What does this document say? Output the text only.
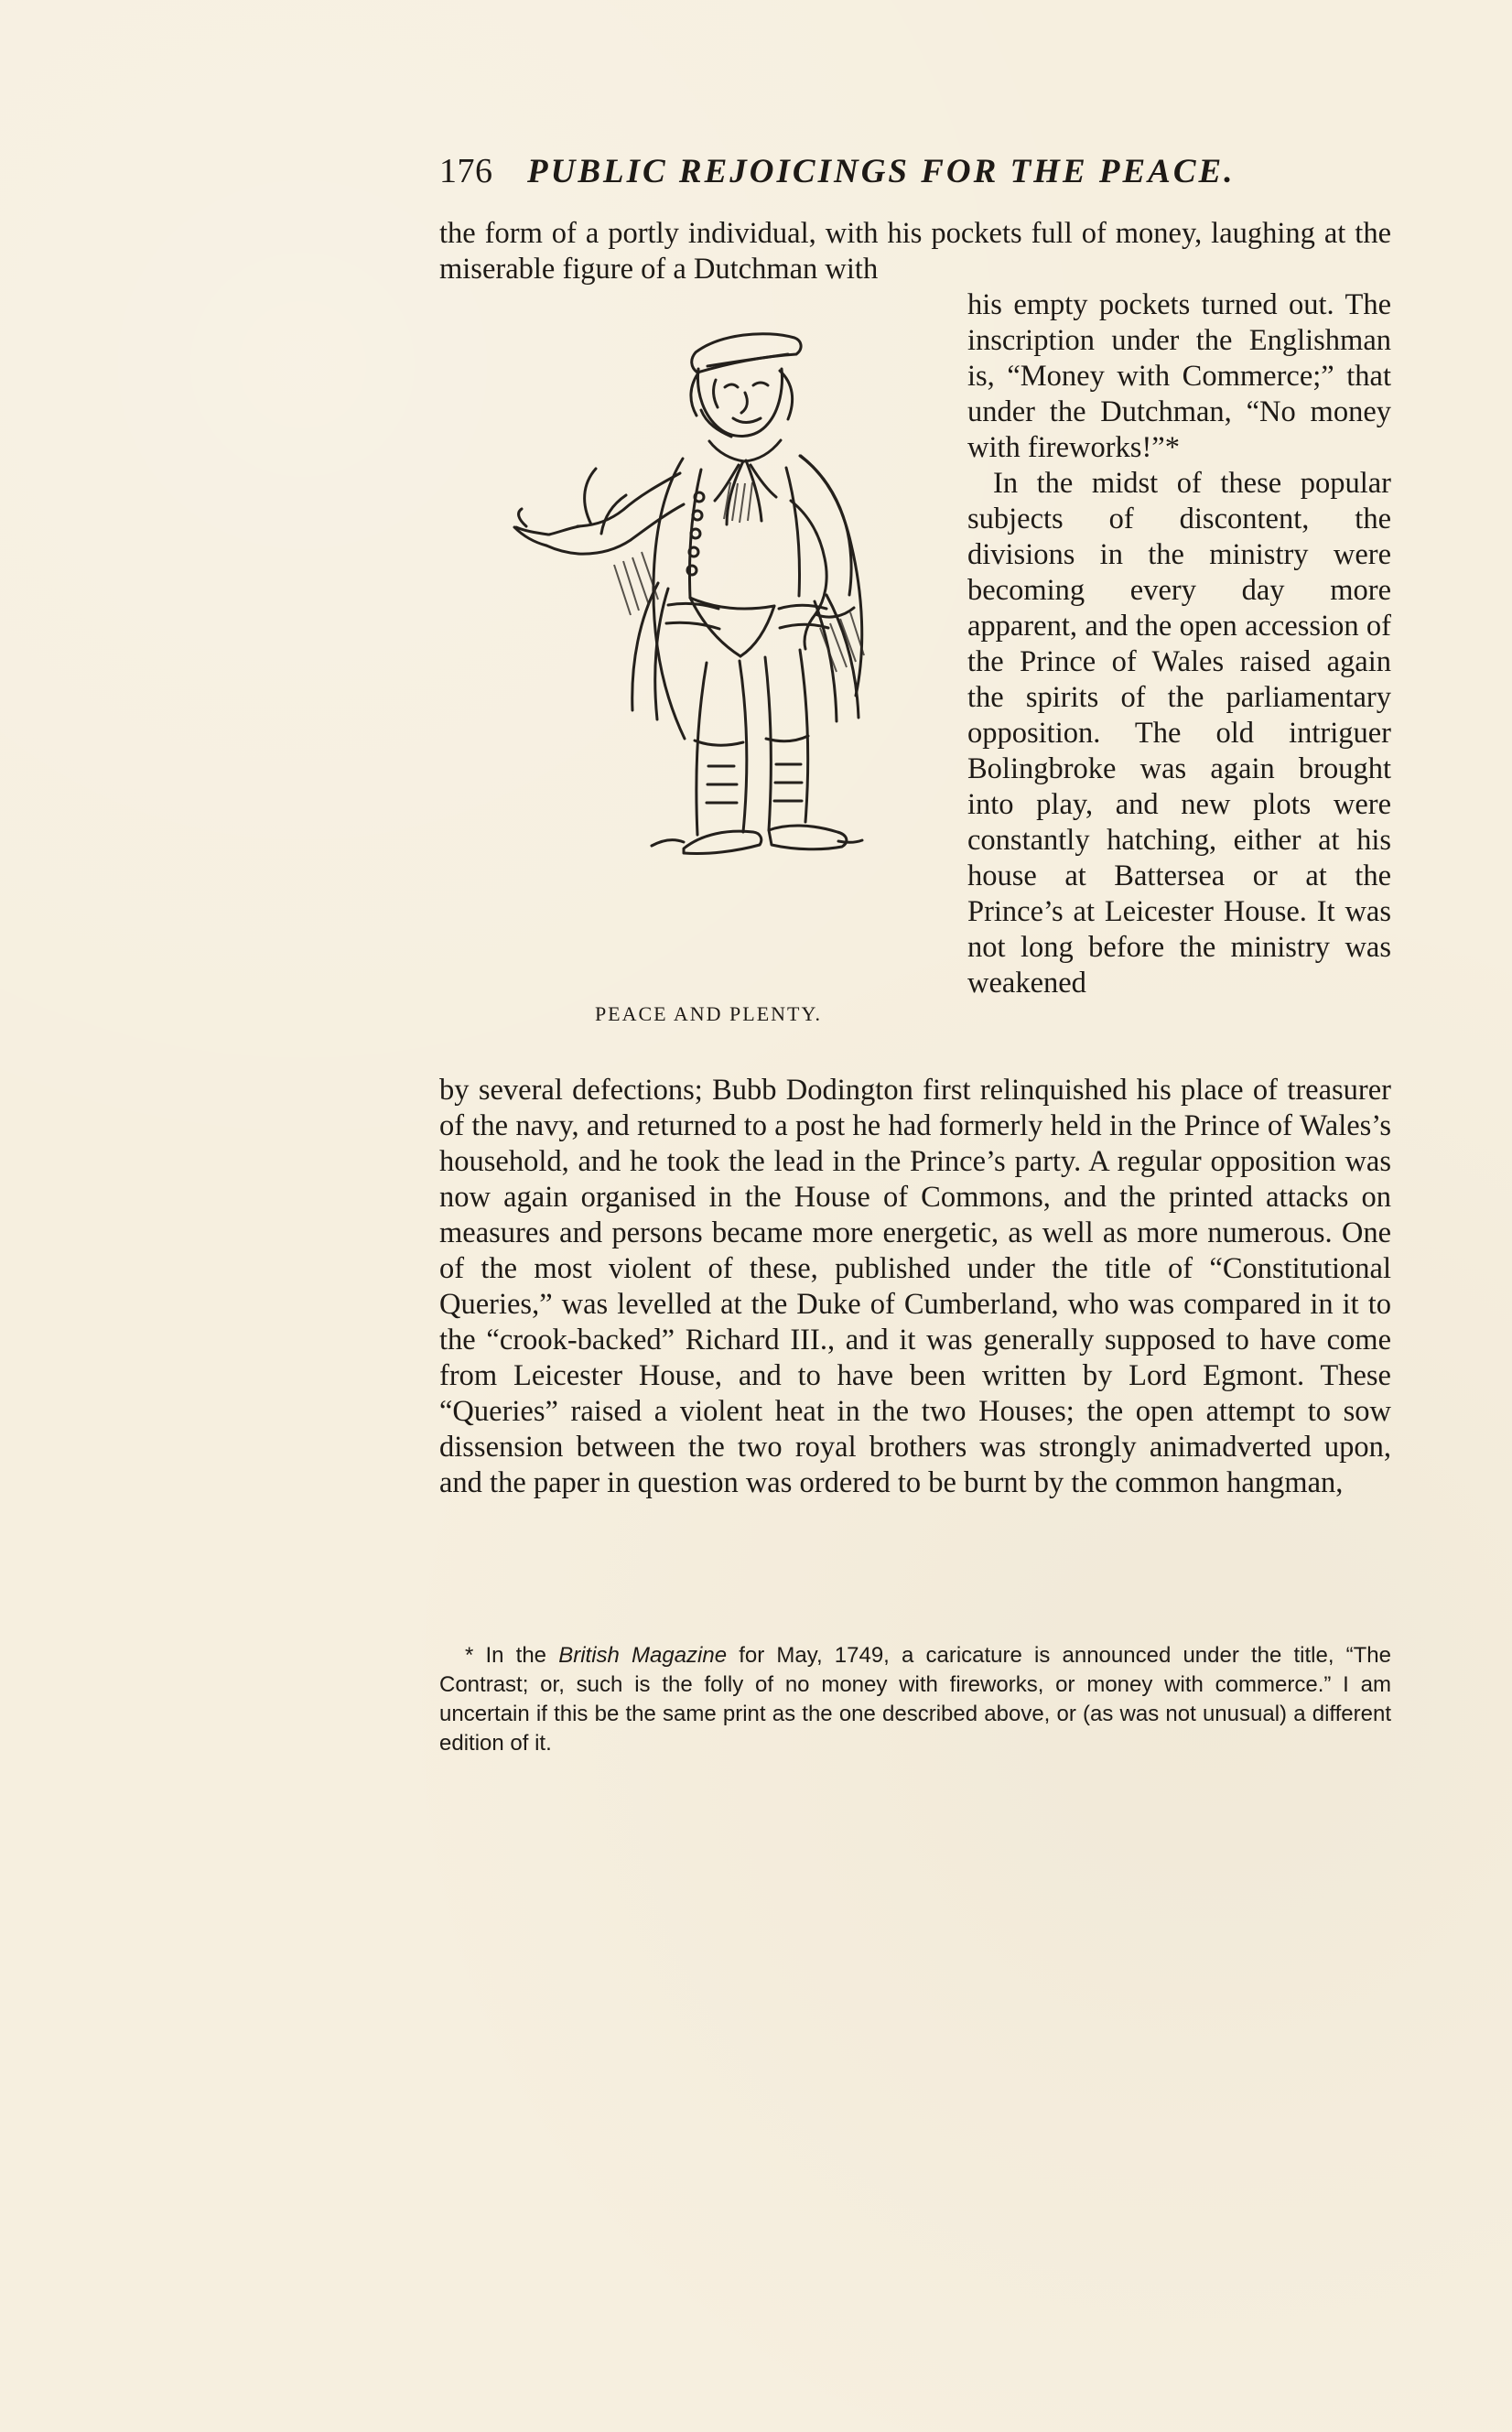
176 PUBLIC REJOICINGS FOR THE PEACE.
the form of a portly individual, with his pockets full of money, laughing at the miserable figure of a Dutchman with
PEACE AND PLENTY.

his empty pockets turned out. The inscription under the Englishman is, “Money with Commerce;” that under the Dutchman, “No money with fireworks!”*

In the midst of these popular subjects of discontent, the divisions in the ministry were becoming every day more apparent, and the open accession of the Prince of Wales raised again the spirits of the parliamentary opposition. The old intriguer Bolingbroke was again brought into play, and new plots were constantly hatching, either at his house at Battersea or at the Prince’s at Leicester House. It was not long before the ministry was weakened

by several defections; Bubb Dodington first relinquished his place of treasurer of the navy, and returned to a post he had formerly held in the Prince of Wales’s household, and he took the lead in the Prince’s party. A regular opposition was now again organised in the House of Commons, and the printed attacks on measures and persons became more energetic, as well as more numerous. One of the most violent of these, published under the title of “Constitutional Queries,” was levelled at the Duke of Cumberland, who was compared in it to the “crook-backed” Richard III., and it was generally supposed to have come from Leicester House, and to have been written by Lord Egmont. These “Queries” raised a violent heat in the two Houses; the open attempt to sow dissension between the two royal brothers was strongly animadverted upon, and the paper in question was ordered to be burnt by the common hangman,

* In the British Magazine for May, 1749, a caricature is announced under the title, “The Contrast; or, such is the folly of no money with fireworks, or money with commerce.” I am uncertain if this be the same print as the one described above, or (as was not unusual) a different edition of it.
